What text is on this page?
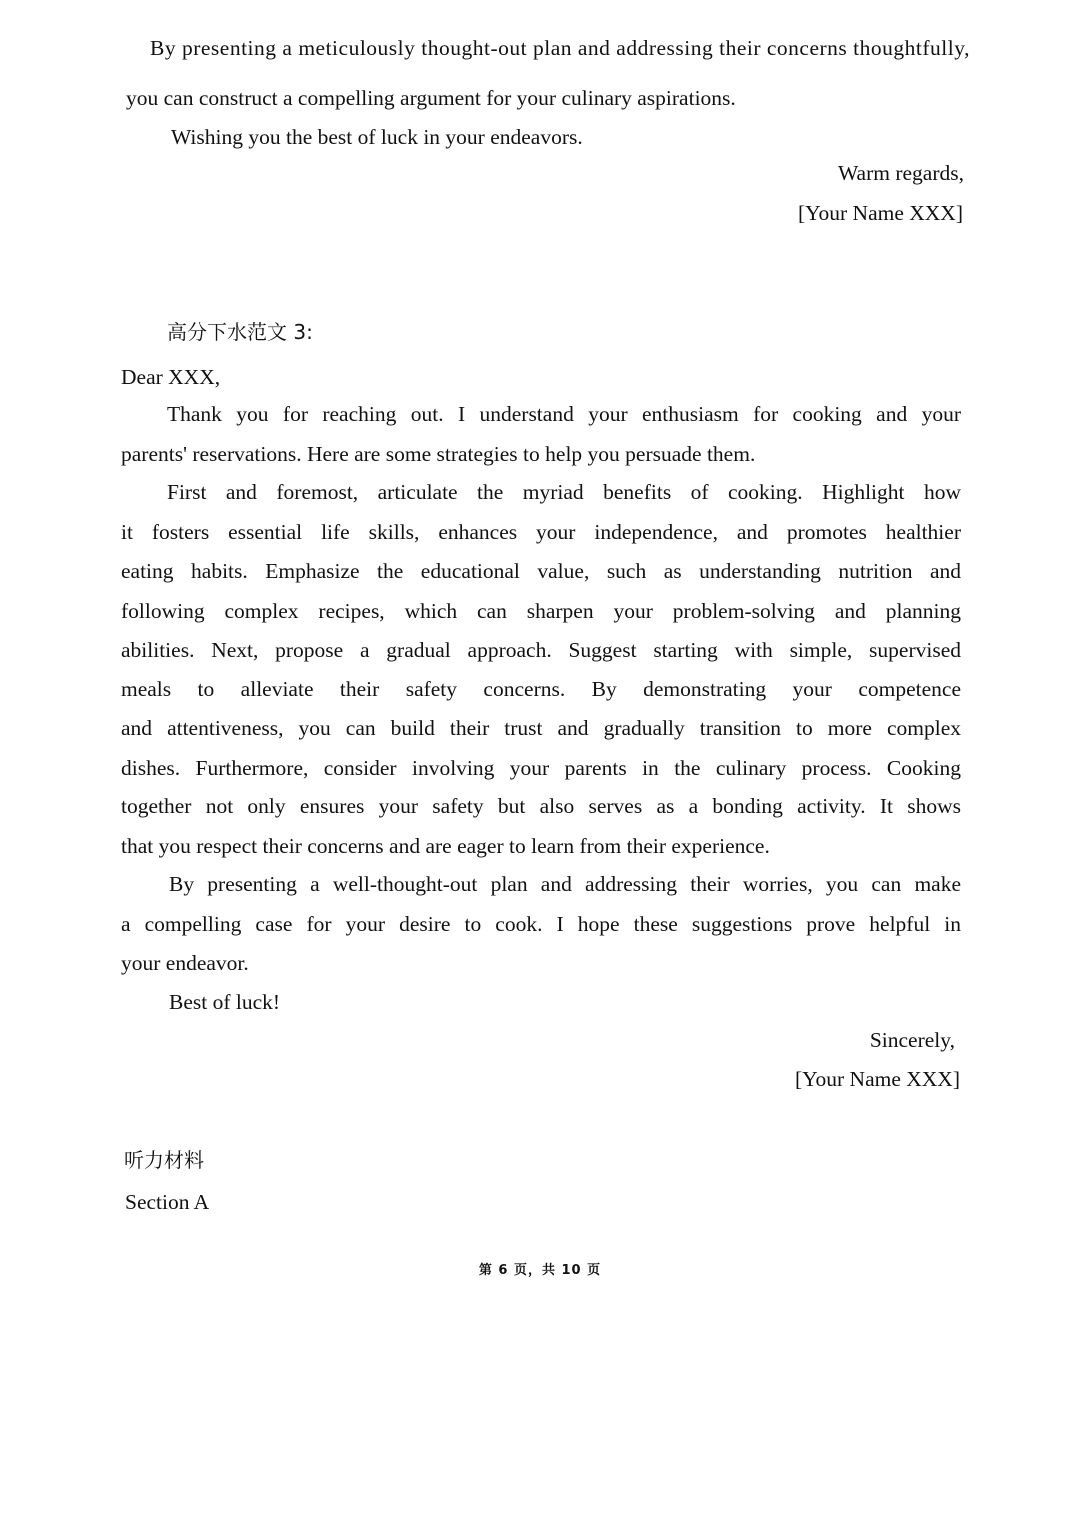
By presenting a meticulously thought-out plan and addressing their concerns thoughtfully,
you can construct a compelling argument for your culinary aspirations.
Wishing you the best of luck in your endeavors.
Warm regards,
[Your Name XXX]
高分下水范文 3:
Dear XXX,
Thank you for reaching out. I understand your enthusiasm for cooking and your
parents' reservations. Here are some strategies to help you persuade them.
First and foremost, articulate the myriad benefits of cooking. Highlight how
it fosters essential life skills, enhances your independence, and promotes healthier
eating habits. Emphasize the educational value, such as understanding nutrition and
following complex recipes, which can sharpen your problem-solving and planning
abilities. Next, propose a gradual approach. Suggest starting with simple, supervised
meals to alleviate their safety concerns. By demonstrating your competence
and attentiveness, you can build their trust and gradually transition to more complex
dishes. Furthermore, consider involving your parents in the culinary process. Cooking
together not only ensures your safety but also serves as a bonding activity. It shows
that you respect their concerns and are eager to learn from their experience.
By presenting a well-thought-out plan and addressing their worries, you can make
a compelling case for your desire to cook. I hope these suggestions prove helpful in
your endeavor.
Best of luck!
Sincerely,
[Your Name XXX]
听力材料
Section A
第 6 页，共 10 页
